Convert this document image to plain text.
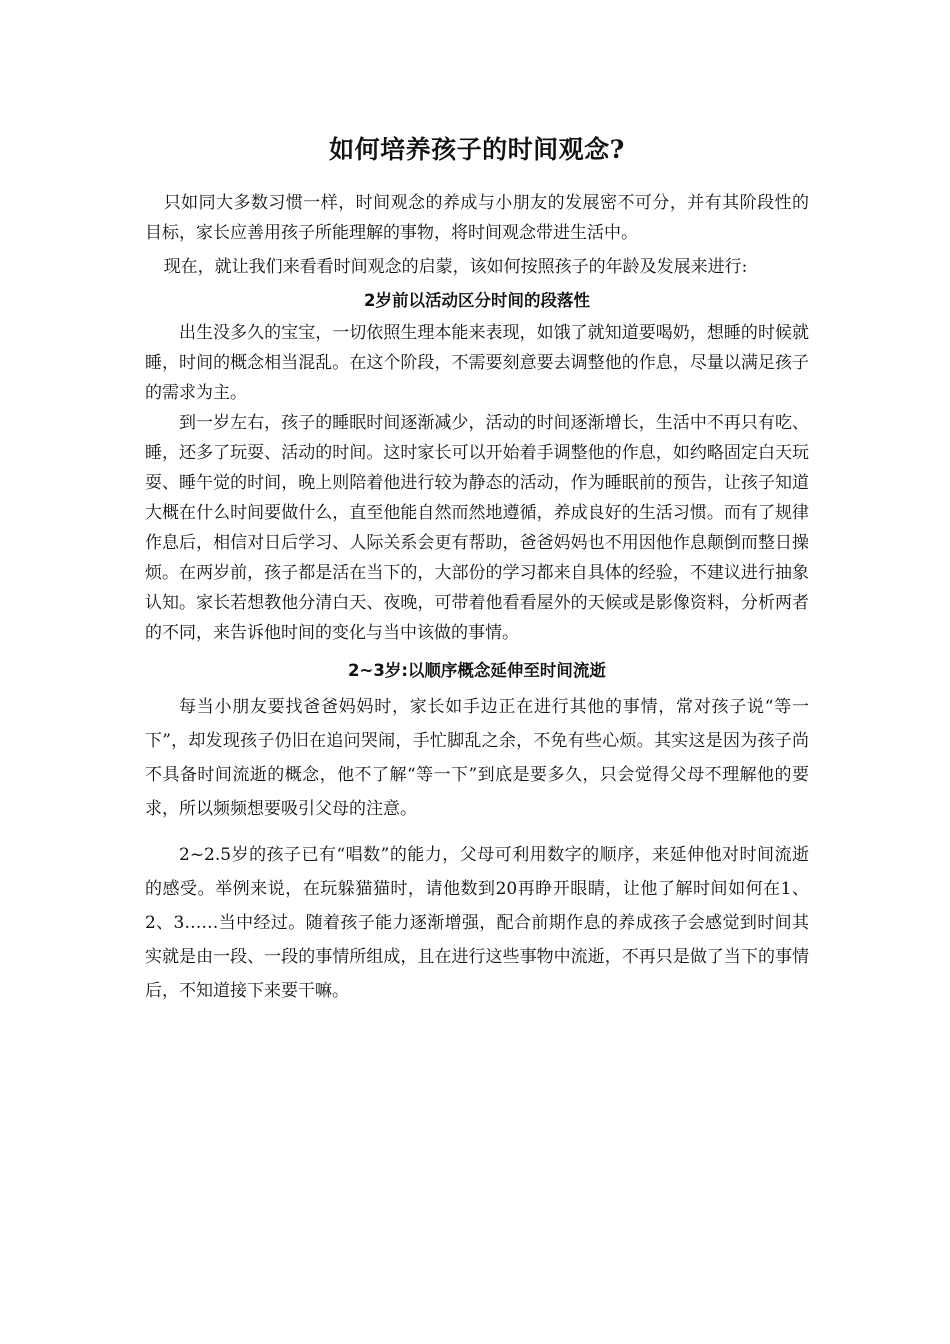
如何培养孩子的时间观念?

只如同大多数习惯一样，时间观念的养成与小朋友的发展密不可分，并有其阶段性的目标，家长应善用孩子所能理解的事物，将时间观念带进生活中。

现在，就让我们来看看时间观念的启蒙，该如何按照孩子的年龄及发展来进行:

2岁前以活动区分时间的段落性

出生没多久的宝宝，一切依照生理本能来表现，如饿了就知道要喝奶，想睡的时候就睡，时间的概念相当混乱。在这个阶段，不需要刻意要去调整他的作息，尽量以满足孩子的需求为主。

到一岁左右，孩子的睡眠时间逐渐减少，活动的时间逐渐增长，生活中不再只有吃、睡，还多了玩耍、活动的时间。这时家长可以开始着手调整他的作息，如约略固定白天玩耍、睡午觉的时间，晚上则陪着他进行较为静态的活动，作为睡眠前的预告，让孩子知道大概在什么时间要做什么，直至他能自然而然地遵循，养成良好的生活习惯。而有了规律作息后，相信对日后学习、人际关系会更有帮助，爸爸妈妈也不用因他作息颠倒而整日操烦。在两岁前，孩子都是活在当下的，大部份的学习都来自具体的经验，不建议进行抽象认知。家长若想教他分清白天、夜晚，可带着他看看屋外的天候或是影像资料，分析两者的不同，来告诉他时间的变化与当中该做的事情。

2~3岁:以顺序概念延伸至时间流逝

每当小朋友要找爸爸妈妈时，家长如手边正在进行其他的事情，常对孩子说“等一下”，却发现孩子仍旧在追问哭闹，手忙脚乱之余，不免有些心烦。其实这是因为孩子尚不具备时间流逝的概念，他不了解“等一下”到底是要多久，只会觉得父母不理解他的要求，所以频频想要吸引父母的注意。

2~2.5岁的孩子已有“唱数”的能力，父母可利用数字的顺序，来延伸他对时间流逝的感受。举例来说，在玩躲猫猫时，请他数到20再睁开眼睛，让他了解时间如何在1、2、3……当中经过。随着孩子能力逐渐增强，配合前期作息的养成孩子会感觉到时间其实就是由一段、一段的事情所组成，且在进行这些事物中流逝，不再只是做了当下的事情后，不知道接下来要干嘛。
